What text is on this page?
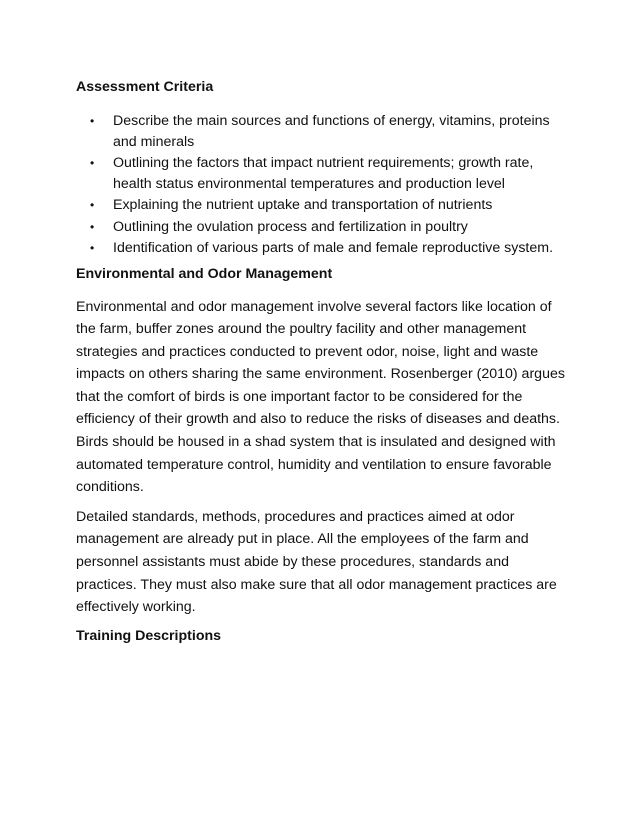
Assessment Criteria
• Describe the main sources and functions of energy, vitamins, proteins and minerals
• Outlining the factors that impact nutrient requirements; growth rate, health status environmental temperatures and production level
• Explaining the nutrient uptake and transportation of nutrients
• Outlining the ovulation process and fertilization in poultry
• Identification of various parts of male and female reproductive system.
Environmental and Odor Management

Environmental and odor management involve several factors like location of the farm, buffer zones around the poultry facility and other management strategies and practices conducted to prevent odor, noise, light and waste impacts on others sharing the same environment. Rosenberger (2010) argues that the comfort of birds is one important factor to be considered for the efficiency of their growth and also to reduce the risks of diseases and deaths. Birds should be housed in a shad system that is insulated and designed with automated temperature control, humidity and ventilation to ensure favorable conditions.

Detailed standards, methods, procedures and practices aimed at odor management are already put in place. All the employees of the farm and personnel assistants must abide by these procedures, standards and practices. They must also make sure that all odor management practices are effectively working.

Training Descriptions
